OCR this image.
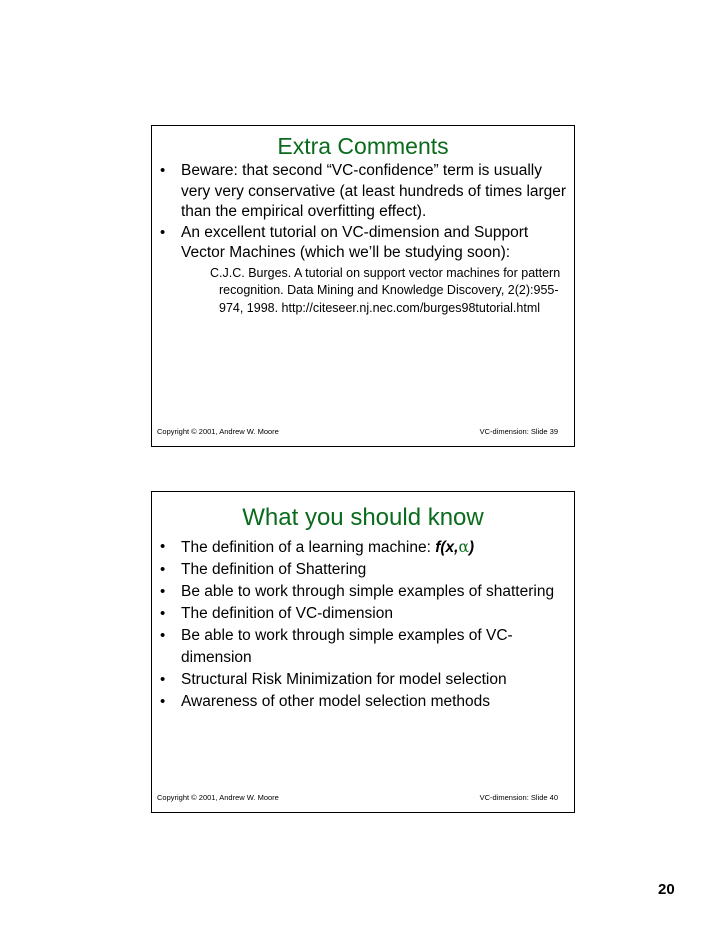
Extra Comments
• Beware: that second “VC-confidence” term is usually very very conservative (at least hundreds of times larger than the empirical overfitting effect).
• An excellent tutorial on VC-dimension and Support Vector Machines (which we’ll be studying soon):
C.J.C. Burges. A tutorial on support vector machines for pattern recognition. Data Mining and Knowledge Discovery, 2(2):955-974, 1998. http://citeseer.nj.nec.com/burges98tutorial.html
Copyright © 2001, Andrew W. Moore	VC-dimension: Slide 39
What you should know
• The definition of a learning machine: f(x,α)
• The definition of Shattering
• Be able to work through simple examples of shattering
• The definition of VC-dimension
• Be able to work through simple examples of VC-dimension
• Structural Risk Minimization for model selection
• Awareness of other model selection methods
Copyright © 2001, Andrew W. Moore	VC-dimension: Slide 40
20
